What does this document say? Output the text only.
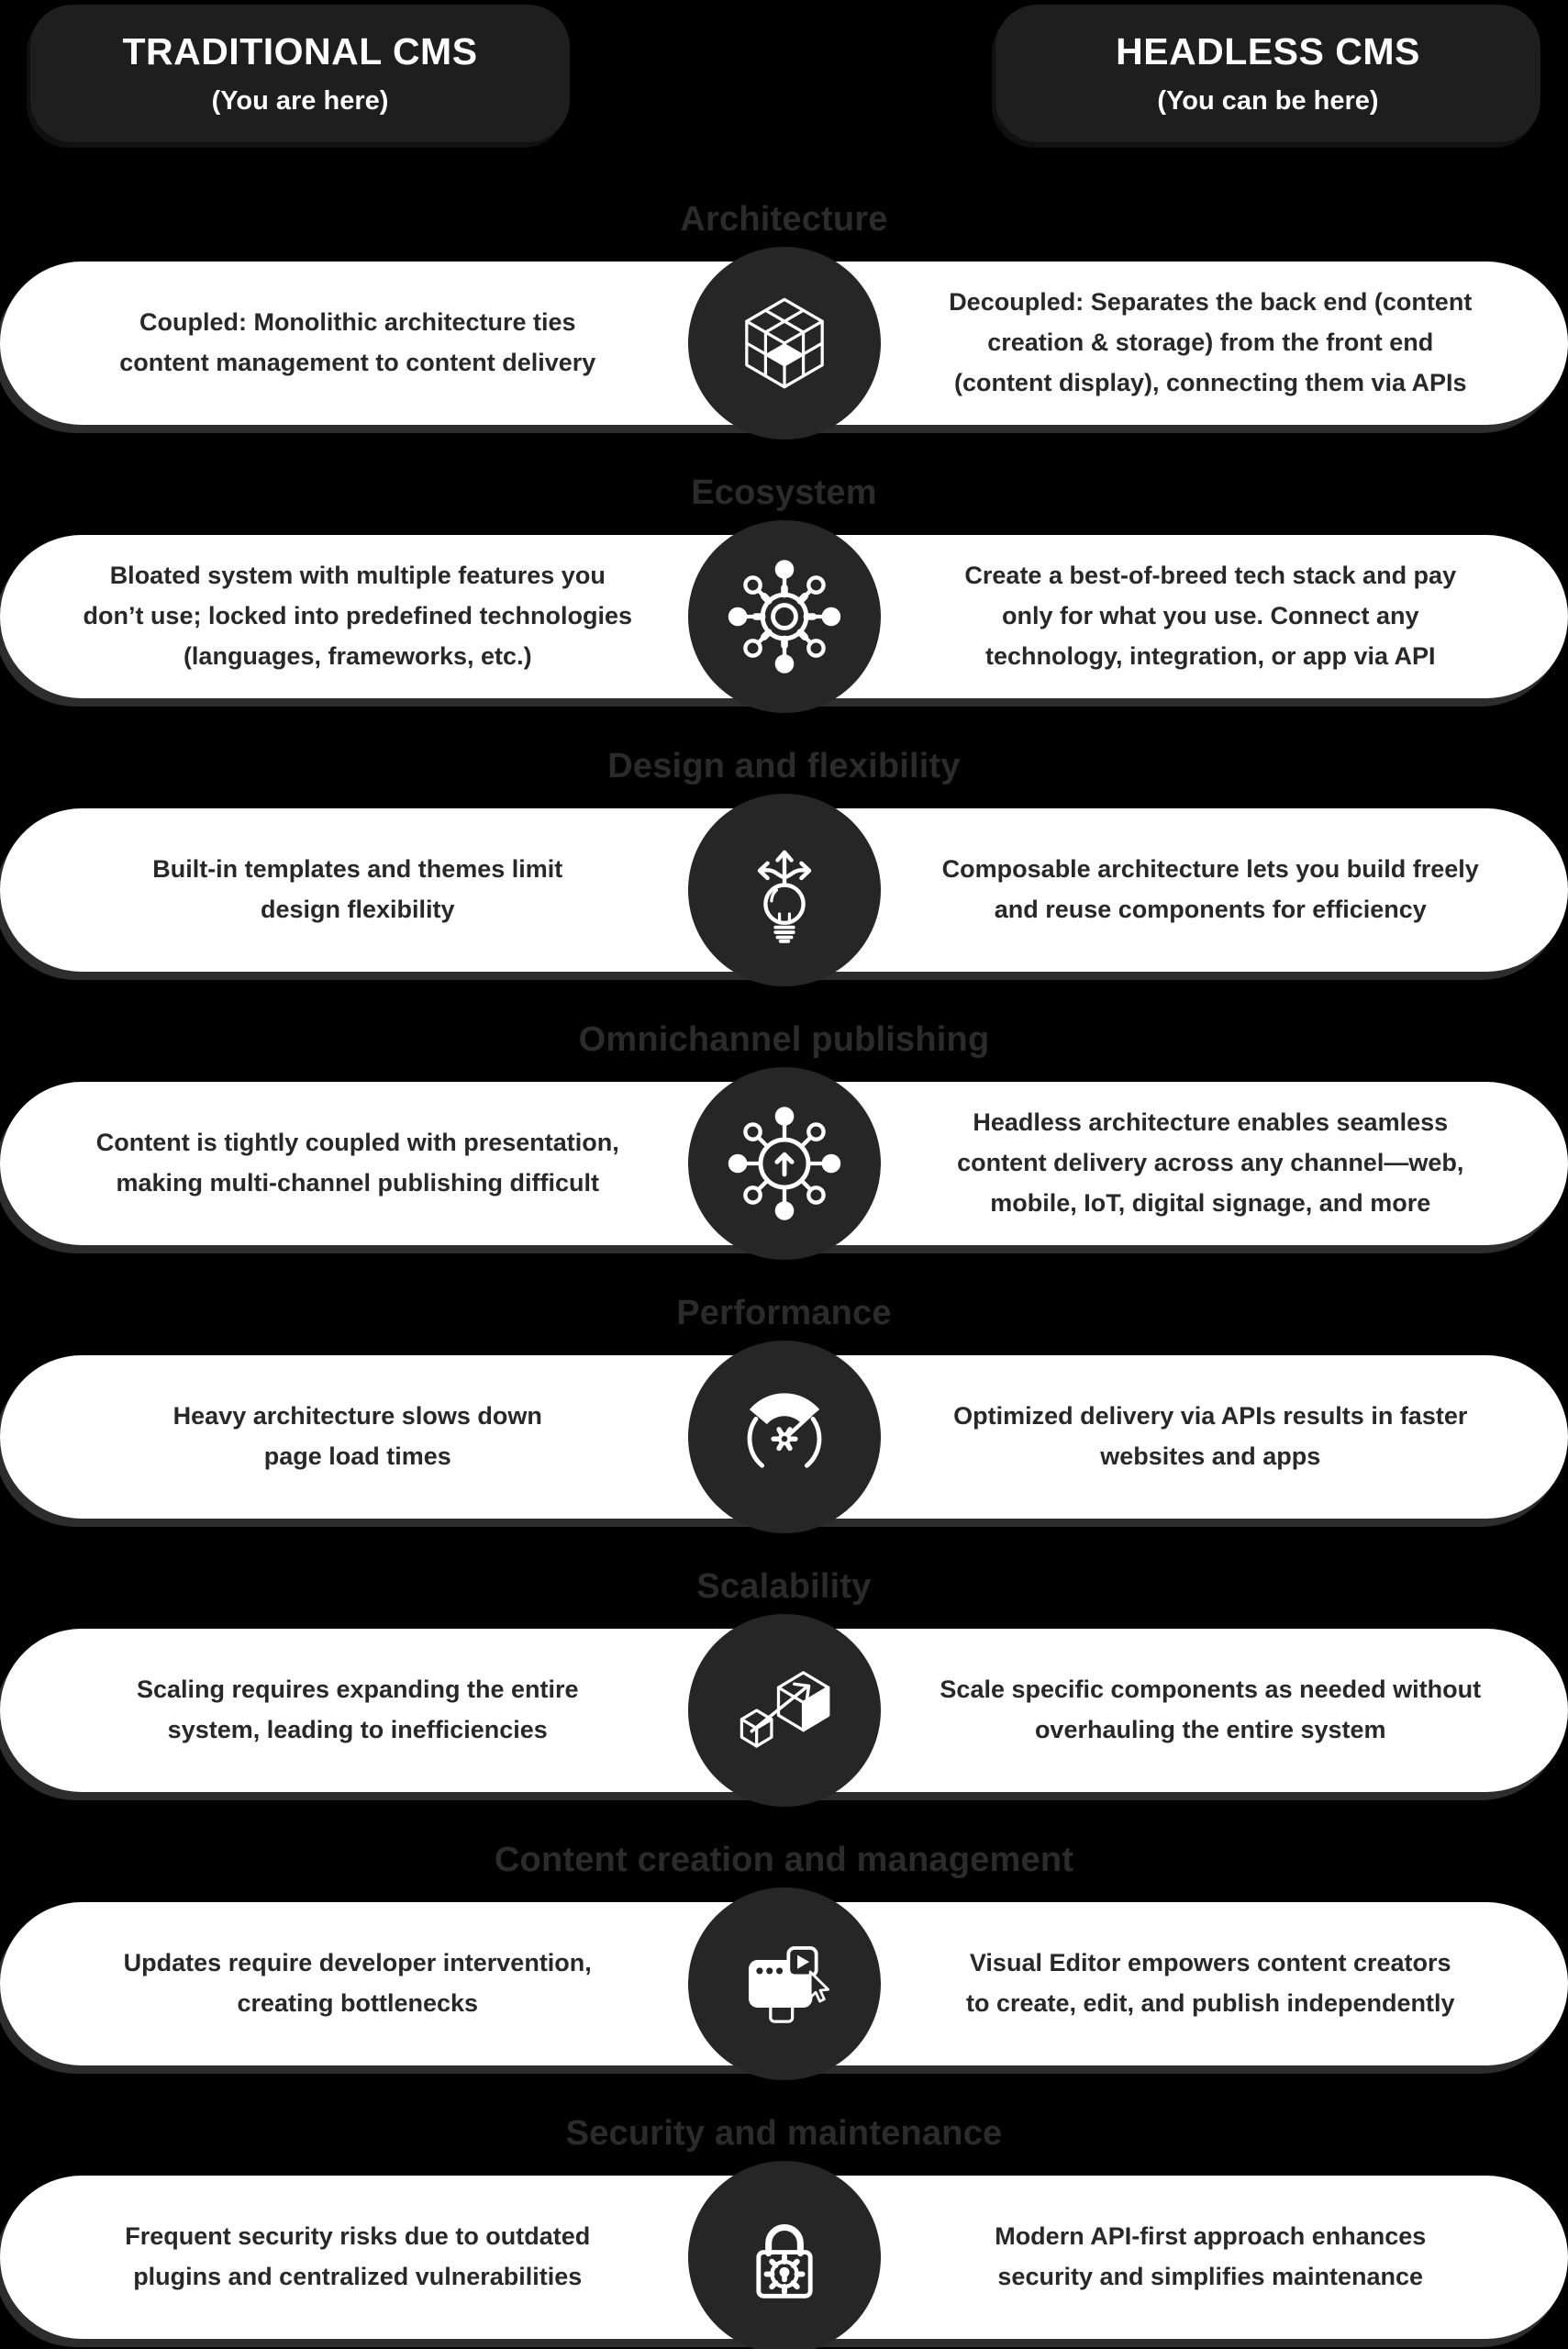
TRADITIONAL CMS
(You are here)
HEADLESS CMS
(You can be here)
Architecture

Coupled: Monolithic architecture ties
content management to content delivery

Decoupled: Separates the back end (content
creation & storage) from the front end
(content display), connecting them via APIs

Ecosystem

Bloated system with multiple features you
don’t use; locked into predefined technologies
(languages, frameworks, etc.)

Create a best-of-breed tech stack and pay
only for what you use. Connect any
technology, integration, or app via API

Design and flexibility

Built-in templates and themes limit
design flexibility

Composable architecture lets you build freely
and reuse components for efficiency

Omnichannel publishing

Content is tightly coupled with presentation,
making multi-channel publishing difficult

Headless architecture enables seamless
content delivery across any channel—web,
mobile, IoT, digital signage, and more

Performance

Heavy architecture slows down
page load times

Optimized delivery via APIs results in faster
websites and apps

Scalability

Scaling requires expanding the entire
system, leading to inefficiencies

Scale specific components as needed without
overhauling the entire system

Content creation and management

Updates require developer intervention,
creating bottlenecks

Visual Editor empowers content creators
to create, edit, and publish independently

Security and maintenance

Frequent security risks due to outdated
plugins and centralized vulnerabilities

Modern API-first approach enhances
security and simplifies maintenance
